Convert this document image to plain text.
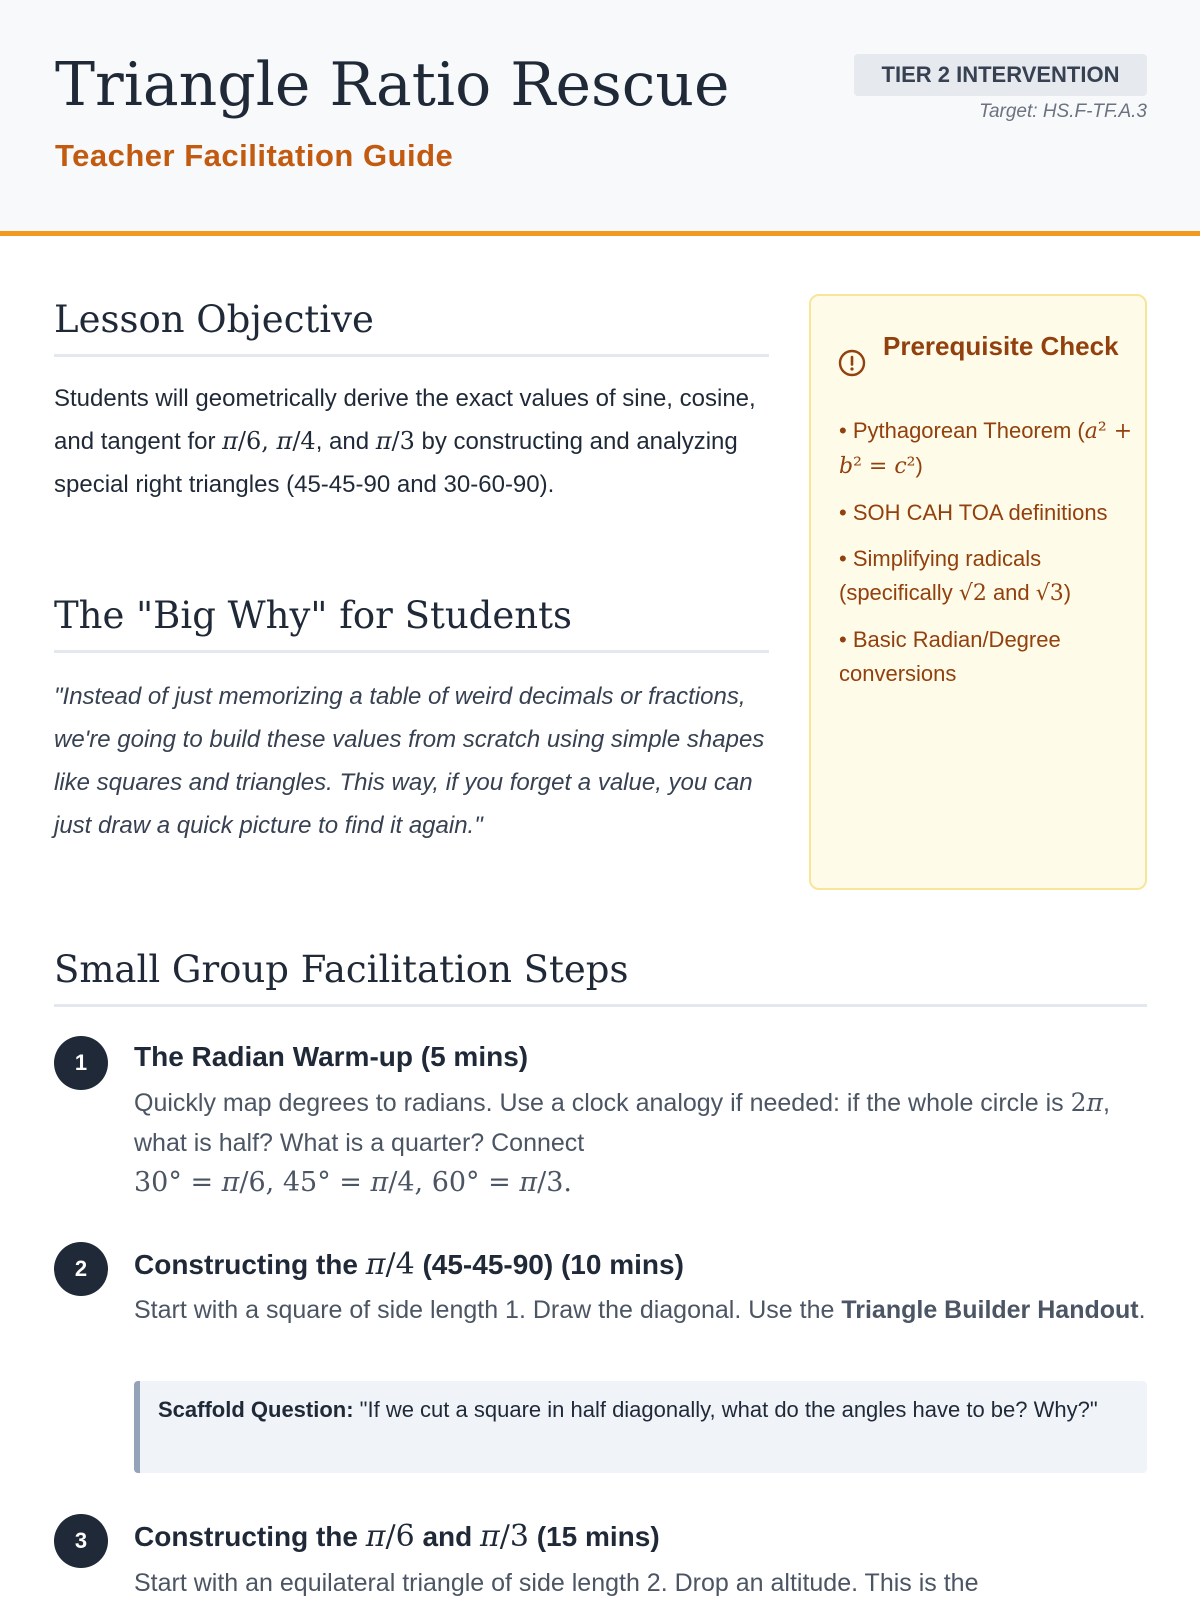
Triangle Ratio Rescue
Teacher Facilitation Guide
TIER 2 INTERVENTION
Target: HS.F-TF.A.3
Lesson Objective

Students will geometrically derive the exact values of sine, cosine, and tangent for π/6, π/4, and π/3 by constructing and analyzing special right triangles (45-45-90 and 30-60-90).

The "Big Why" for Students

"Instead of just memorizing a table of weird decimals or fractions, we're going to build these values from scratch using simple shapes like squares and triangles. This way, if you forget a value, you can just draw a quick picture to find it again."

Prerequisite Check
• Pythagorean Theorem (a² + b² = c²)
• SOH CAH TOA definitions
• Simplifying radicals (specifically √2 and √3)
• Basic Radian/Degree conversions
Small Group Facilitation Steps
1	The Radian Warm-up (5 mins)

Quickly map degrees to radians. Use a clock analogy if needed: if the whole circle is 2π, what is half? What is a quarter? Connect
30° = π/6, 45° = π/4, 60° = π/3.

2	Constructing the π/4 (45-45-90) (10 mins)

Start with a square of side length 1. Draw the diagonal. Use the Triangle Builder Handout.

Scaffold Question: "If we cut a square in half diagonally, what do the angles have to be? Why?"
3	Constructing the π/6 and π/3 (15 mins)

Start with an equilateral triangle of side length 2. Drop an altitude. This is the
